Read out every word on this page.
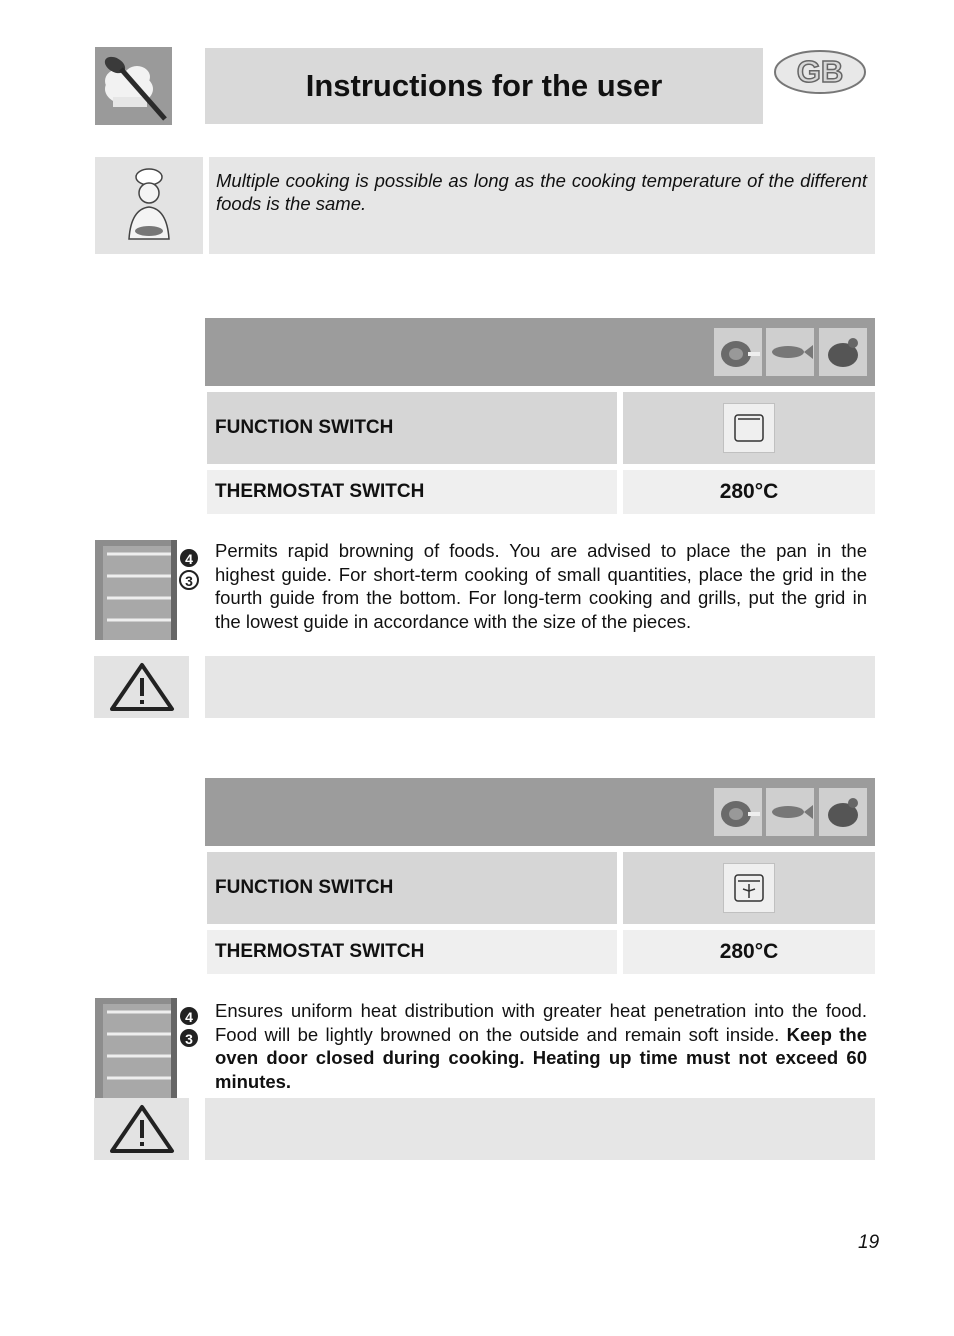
Instructions for the user	GB
Multiple cooking is possible as long as the cooking temperature of the different foods is the same.
FUNCTION SWITCH
THERMOSTAT SWITCH	280°C
4
3
Permits rapid browning of foods. You are advised to place the pan in the highest guide. For short-term cooking of small quantities, place the grid in the fourth guide from the bottom. For long-term cooking and grills, put the grid in the lowest guide in accordance with the size of the pieces.
FUNCTION SWITCH
THERMOSTAT SWITCH	280°C
4
3
Ensures uniform heat distribution with greater heat penetration into the food. Food will be lightly browned on the outside and remain soft inside. Keep the oven door closed during cooking. Heating up time must not exceed 60 minutes.
19
